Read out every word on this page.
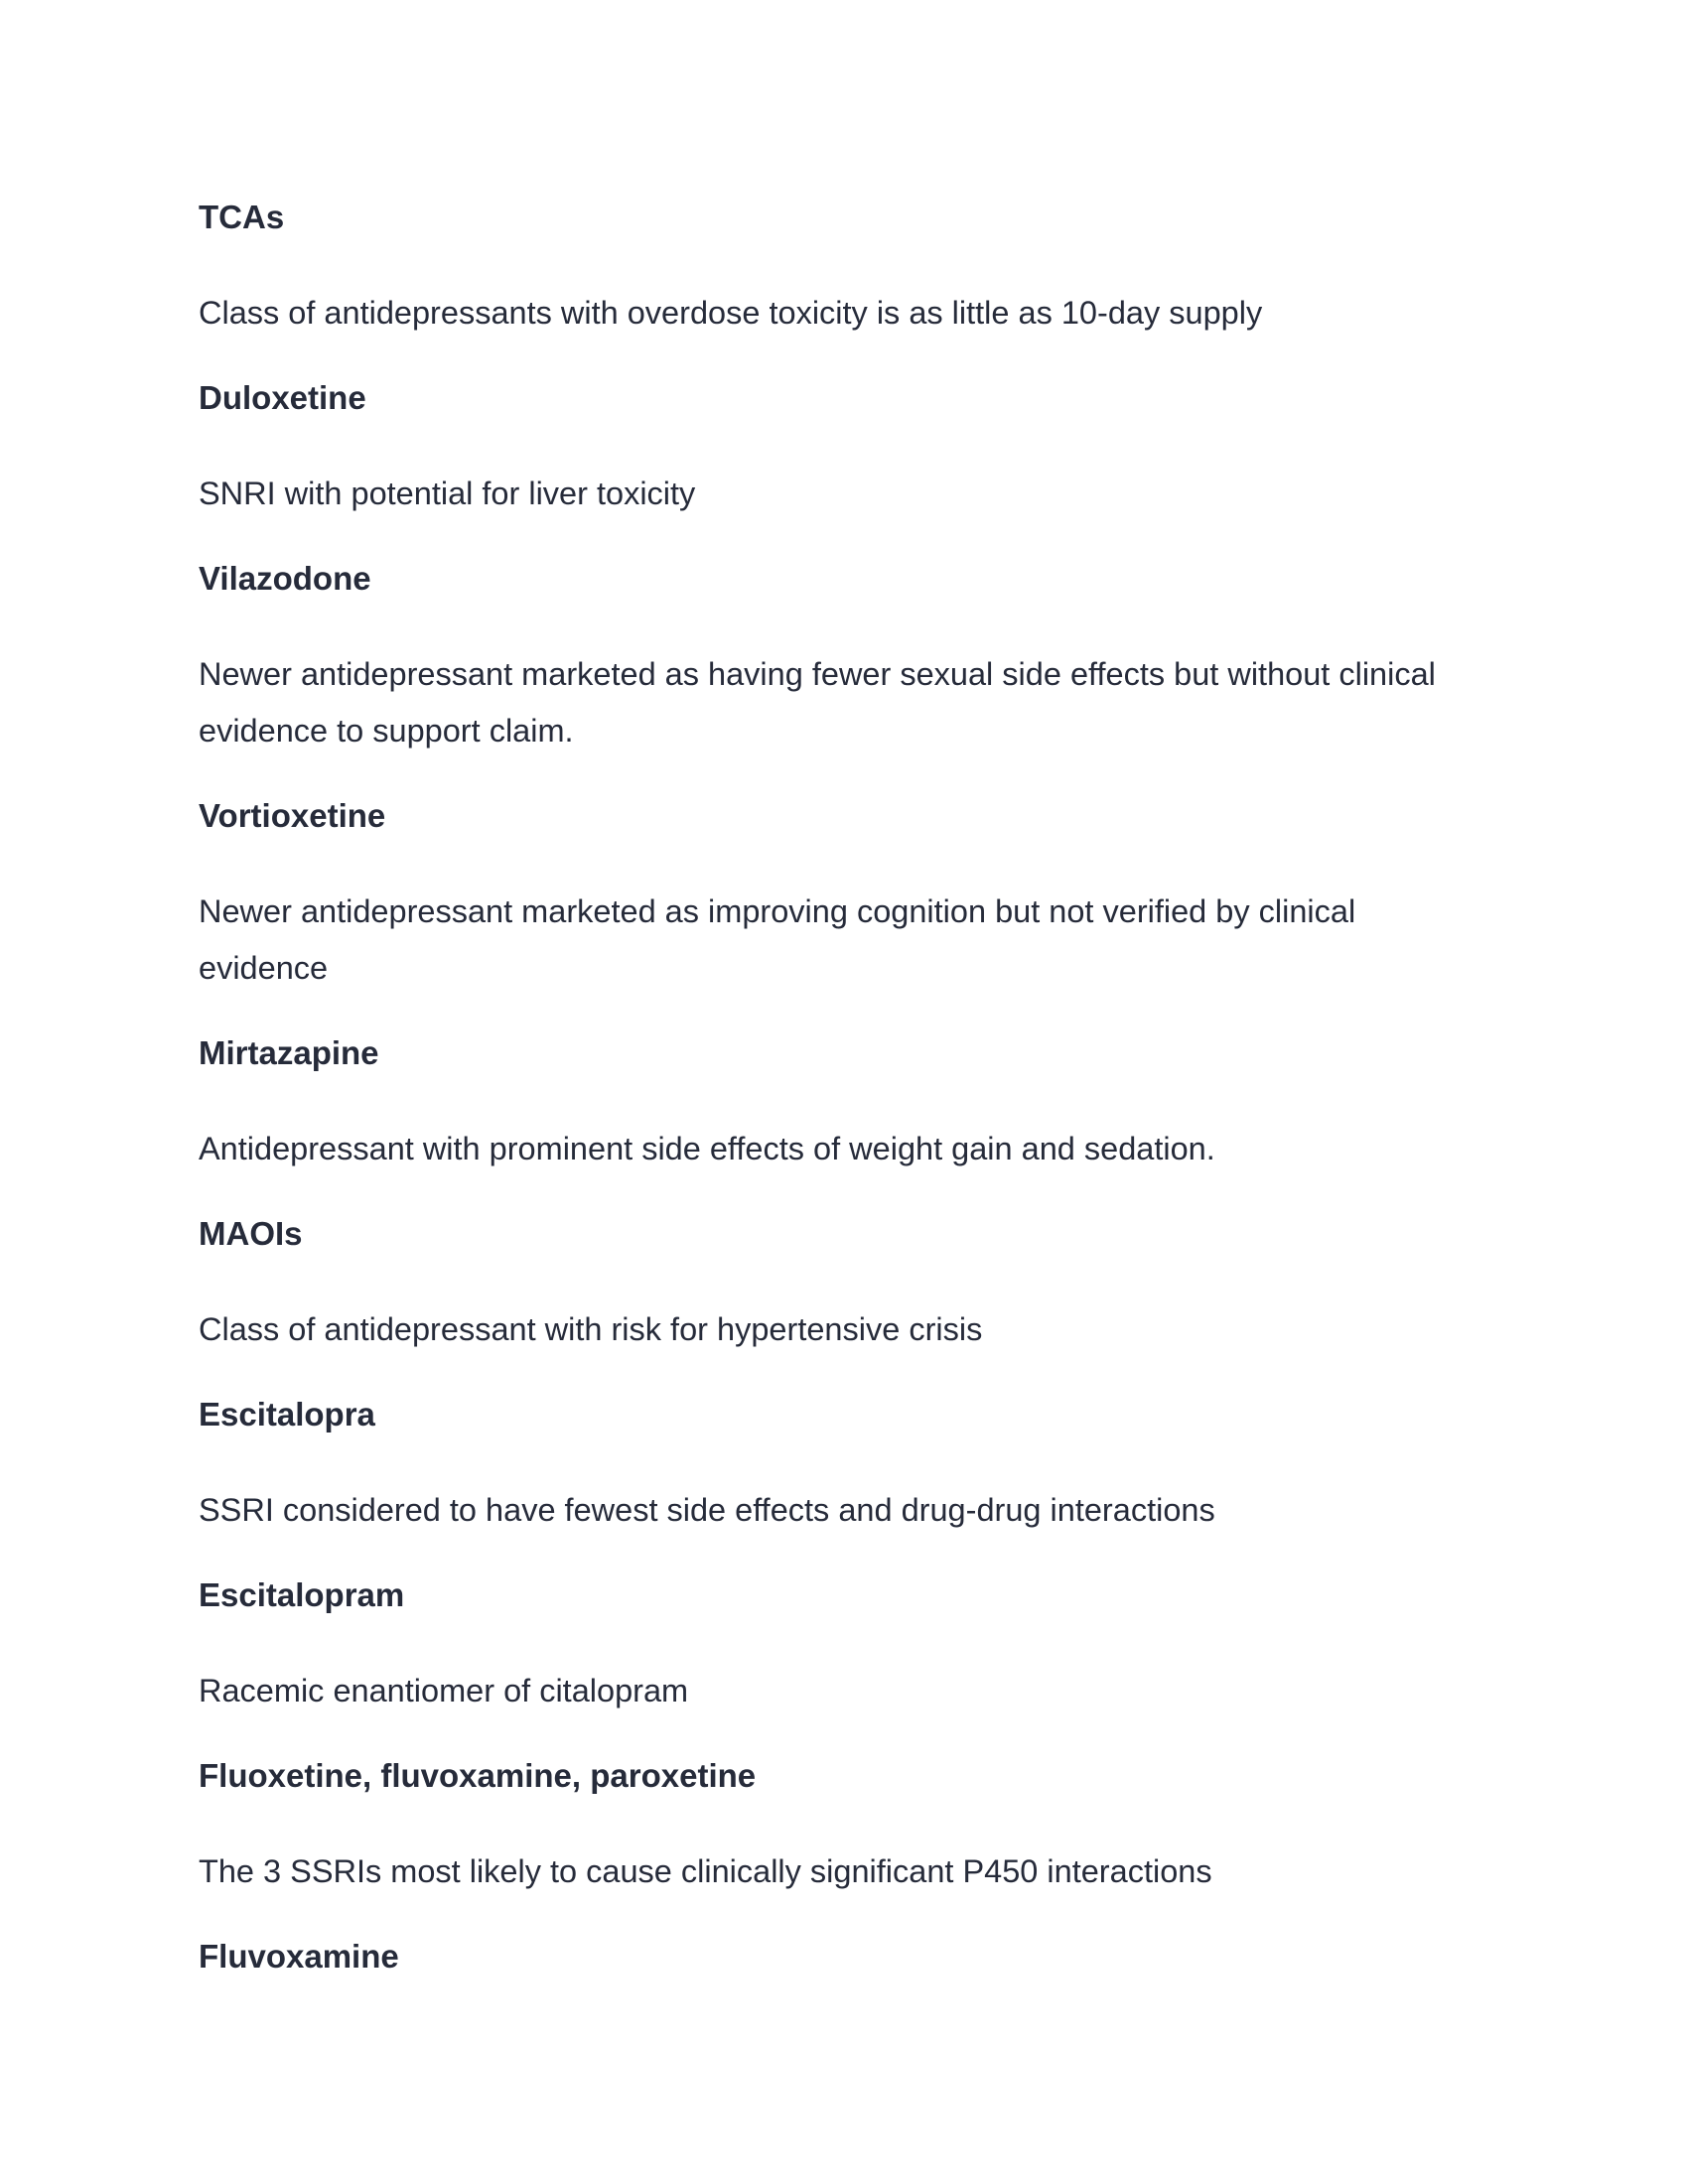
TCAs
Class of antidepressants with overdose toxicity is as little as 10-day supply
Duloxetine
SNRI with potential for liver toxicity
Vilazodone
Newer antidepressant marketed as having fewer sexual side effects but without clinical evidence to support claim.
Vortioxetine
Newer antidepressant marketed as improving cognition but not verified by clinical evidence
Mirtazapine
Antidepressant with prominent side effects of weight gain and sedation.
MAOIs
Class of antidepressant with risk for hypertensive crisis
Escitalopra
SSRI considered to have fewest side effects and drug-drug interactions
Escitalopram
Racemic enantiomer of citalopram
Fluoxetine, fluvoxamine, paroxetine
The 3 SSRIs most likely to cause clinically significant P450 interactions
Fluvoxamine
